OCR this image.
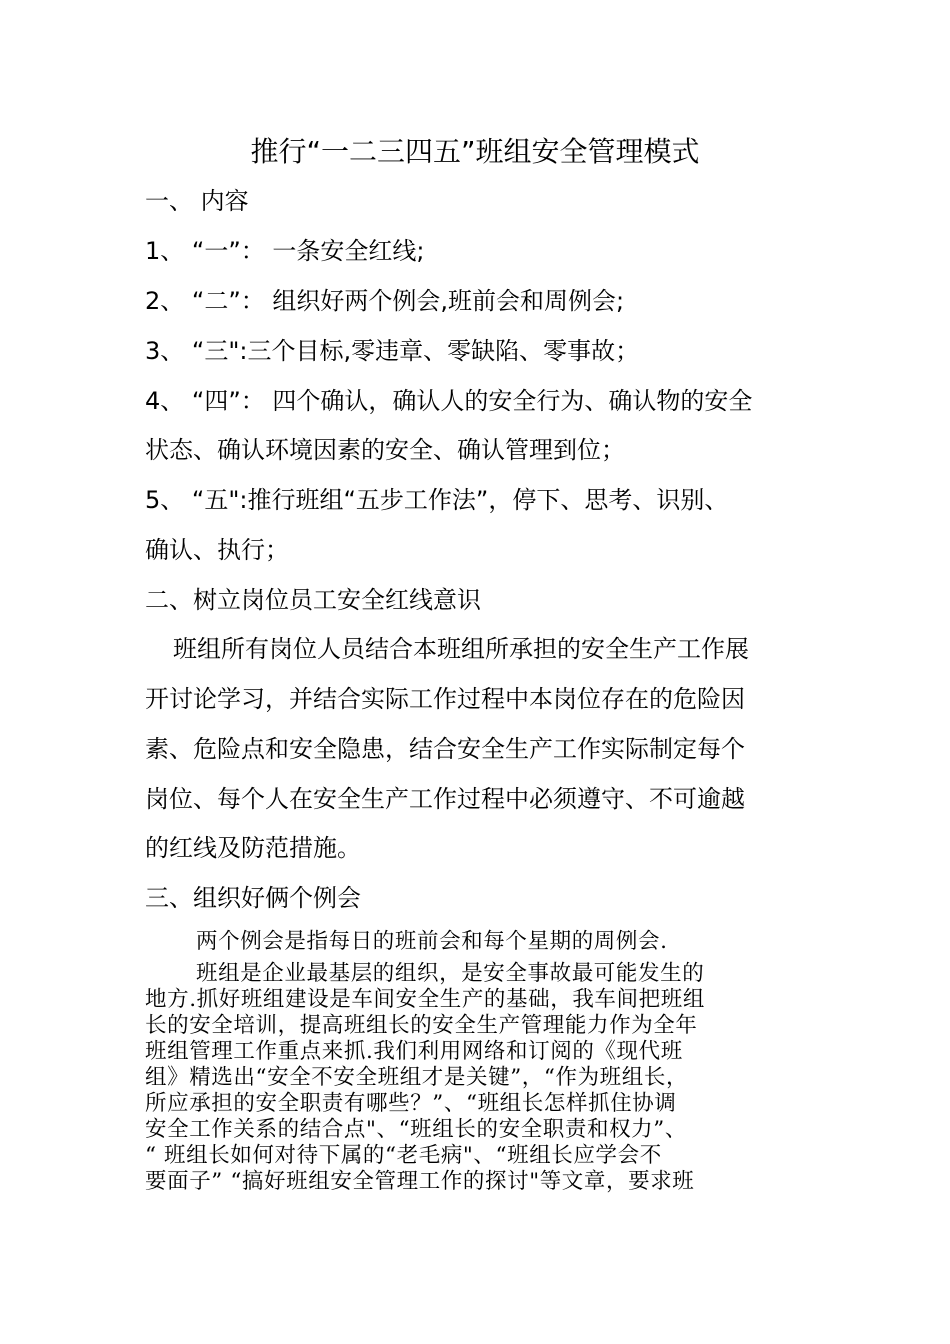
推行“一二三四五”班组安全管理模式
一、 内容
1、 “一”： 一条安全红线;
2、 “二”： 组织好两个例会,班前会和周例会;
3、 “三":三个目标,零违章、零缺陷、零事故；
4、 “四”： 四个确认，确认人的安全行为、确认物的安全
状态、确认环境因素的安全、确认管理到位；
5、 “五":推行班组“五步工作法”，停下、思考、识别、
确认、执行；
二、树立岗位员工安全红线意识
班组所有岗位人员结合本班组所承担的安全生产工作展
开讨论学习，并结合实际工作过程中本岗位存在的危险因
素、危险点和安全隐患，结合安全生产工作实际制定每个
岗位、每个人在安全生产工作过程中必须遵守、不可逾越
的红线及防范措施。
三、组织好俩个例会
两个例会是指每日的班前会和每个星期的周例会.
班组是企业最基层的组织，是安全事故最可能发生的
地方.抓好班组建设是车间安全生产的基础，我车间把班组
长的安全培训，提高班组长的安全生产管理能力作为全年
班组管理工作重点来抓.我们利用网络和订阅的《现代班
组》精选出“安全不安全班组才是关键”，“作为班组长，
所应承担的安全职责有哪些？”、“班组长怎样抓住协调
安全工作关系的结合点"、“班组长的安全职责和权力”、
“ 班组长如何对待下属的“老毛病"、“班组长应学会不
要面子” “搞好班组安全管理工作的探讨"等文章，要求班
